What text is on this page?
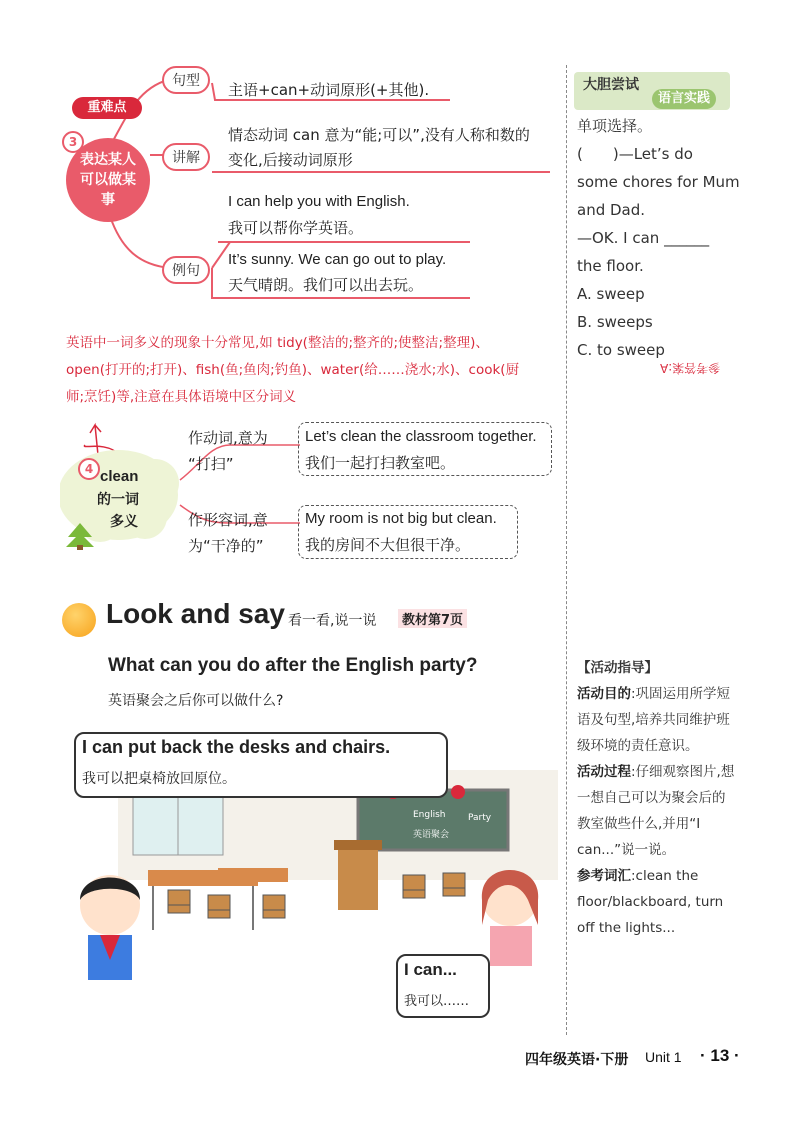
重难点
3
表达某人可以做某事
句型
讲解
例句
主语+can+动词原形(+其他).
情态动词 can 意为“能;可以”,没有人称和数的
变化,后接动词原形
I can help you with English.
我可以帮你学英语。
It’s sunny. We can go out to play.
天气晴朗。我们可以出去玩。
英语中一词多义的现象十分常见,如 tidy(整洁的;整齐的;使整洁;整理)、
open(打开的;打开)、fish(鱼;鱼肉;钓鱼)、water(给……浇水;水)、cook(厨
师;烹饪)等,注意在具体语境中区分词义
4 clean
的一词
多义
作动词,意为
“打扫”
Let’s clean the classroom together.
我们一起打扫教室吧。
作形容词,意
为“干净的”
My room is not big but clean.
我的房间不大但很干净。
大胆尝试
语言实践
单项选择。
(　　)—Let’s do
some chores for Mum
and Dad.
—OK. I can ______
the floor.
A. sweep
B. sweeps
C. to sweep
参考答案:A
Look and say 看一看,说一说	教材第7页
What can you do after the English party?
英语聚会之后你可以做什么?
English	Party
英语聚会
I can put back the desks and chairs.
我可以把桌椅放回原位。
I can...
我可以……
【活动指导】
活动目的:巩固运用所学短语及句型,培养共同维护班级环境的责任意识。
活动过程:仔细观察图片,想一想自己可以为聚会后的教室做些什么,并用“I can...”说一说。
参考词汇:clean the floor/blackboard, turn off the lights...
四年级英语·下册 Unit 1 · 13 ·
